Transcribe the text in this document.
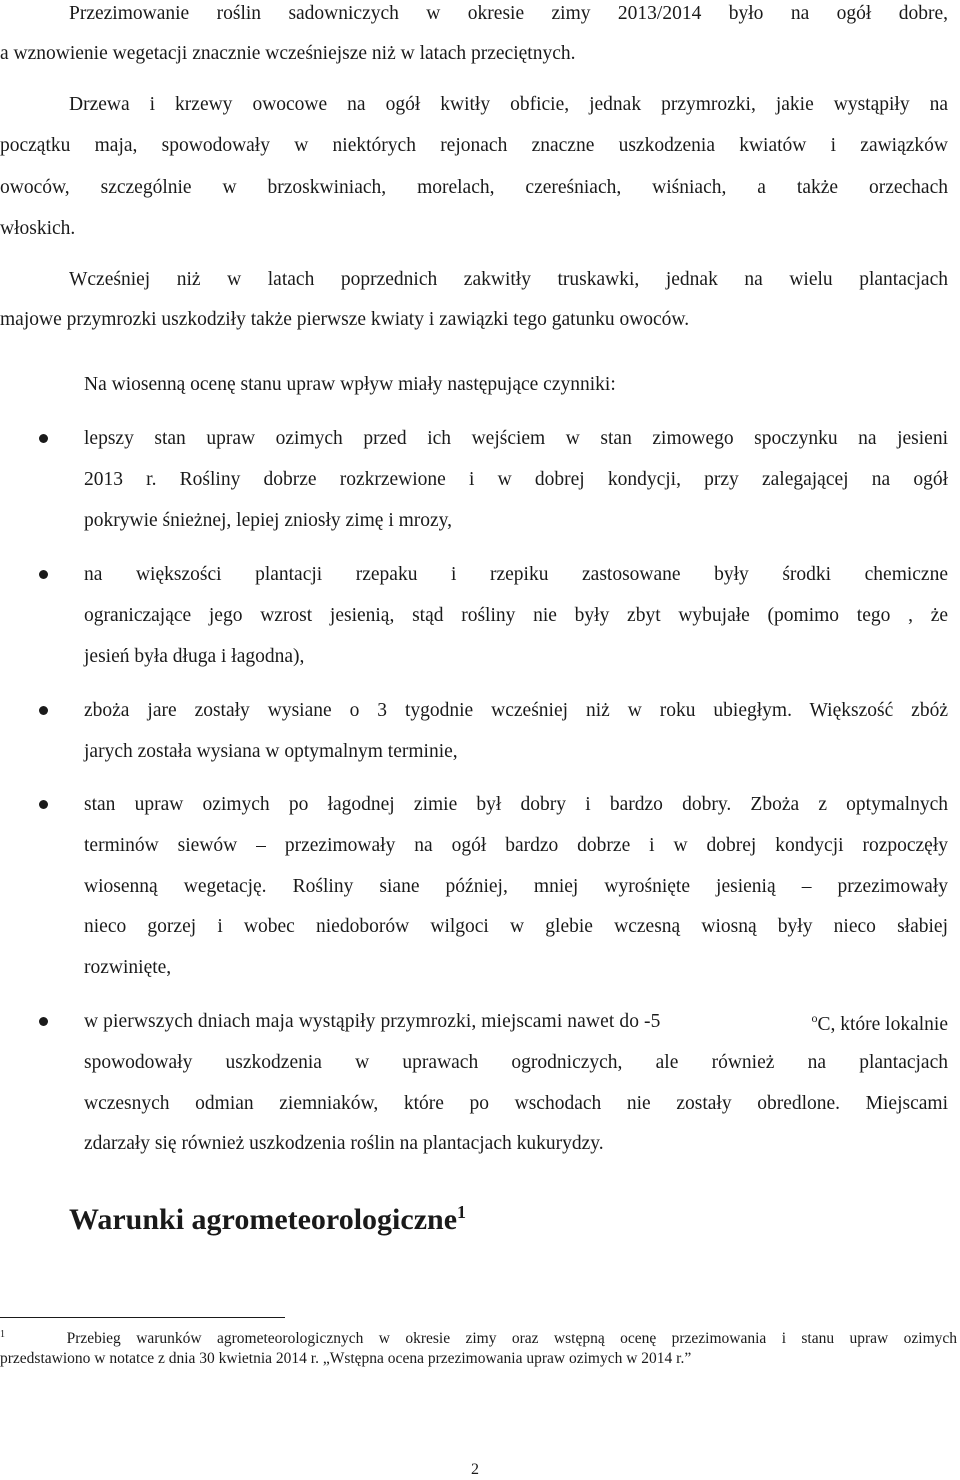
Przezimowanie roślin sadowniczych w okresie zimy 2013/2014 było na ogół dobre,
a wznowienie wegetacji znacznie wcześniejsze niż w latach przeciętnych.
Drzewa i krzewy owocowe na ogół kwitły obficie, jednak przymrozki, jakie wystąpiły na
początku maja, spowodowały w niektórych rejonach znaczne uszkodzenia kwiatów i zawiązków
owoców, szczególnie w brzoskwiniach, morelach, czereśniach, wiśniach, a także orzechach
włoskich.
Wcześniej niż w latach poprzednich zakwitły truskawki, jednak na wielu plantacjach
majowe przymrozki uszkodziły także pierwsze kwiaty i zawiązki tego gatunku owoców.
Na wiosenną ocenę stanu upraw wpływ miały następujące czynniki:
lepszy stan upraw ozimych przed ich wejściem w stan zimowego spoczynku na jesieni
2013 r. Rośliny dobrze rozkrzewione i w dobrej kondycji, przy zalegającej na ogół
pokrywie śnieżnej, lepiej zniosły zimę i mrozy,
na większości plantacji rzepaku i rzepiku zastosowane były środki chemiczne
ograniczające jego wzrost jesienią, stąd rośliny nie były zbyt wybujałe (pomimo tego , że
jesień była długa i łagodna),
zboża jare zostały wysiane o 3 tygodnie wcześniej niż w roku ubiegłym. Większość zbóż
jarych została wysiana w optymalnym terminie,
stan upraw ozimych po łagodnej zimie był dobry i bardzo dobry. Zboża z optymalnych
terminów siewów – przezimowały na ogół bardzo dobrze i w dobrej kondycji rozpoczęły
wiosenną wegetację. Rośliny siane później, mniej wyrośnięte jesienią – przezimowały
nieco gorzej i wobec niedoborów wilgoci w glebie wczesną wiosną były nieco słabiej
rozwinięte,
w pierwszych dniach maja wystąpiły przymrozki, miejscami nawet do -5	$^o$C, które lokalnie
spowodowały uszkodzenia w uprawach ogrodniczych, ale również na plantacjach
wczesnych odmian ziemniaków, które po wschodach nie zostały obredlone. Miejscami
zdarzały się również uszkodzenia roślin na plantacjach kukurydzy.
Warunki agrometeorologiczne$^1$
$^1$	Przebieg warunków agrometeorologicznych w okresie zimy oraz wstępną ocenę przezimowania i stanu upraw ozimych
przedstawiono w notatce z dnia 30 kwietnia 2014 r. „Wstępna ocena przezimowania upraw ozimych w 2014 r.”
2
